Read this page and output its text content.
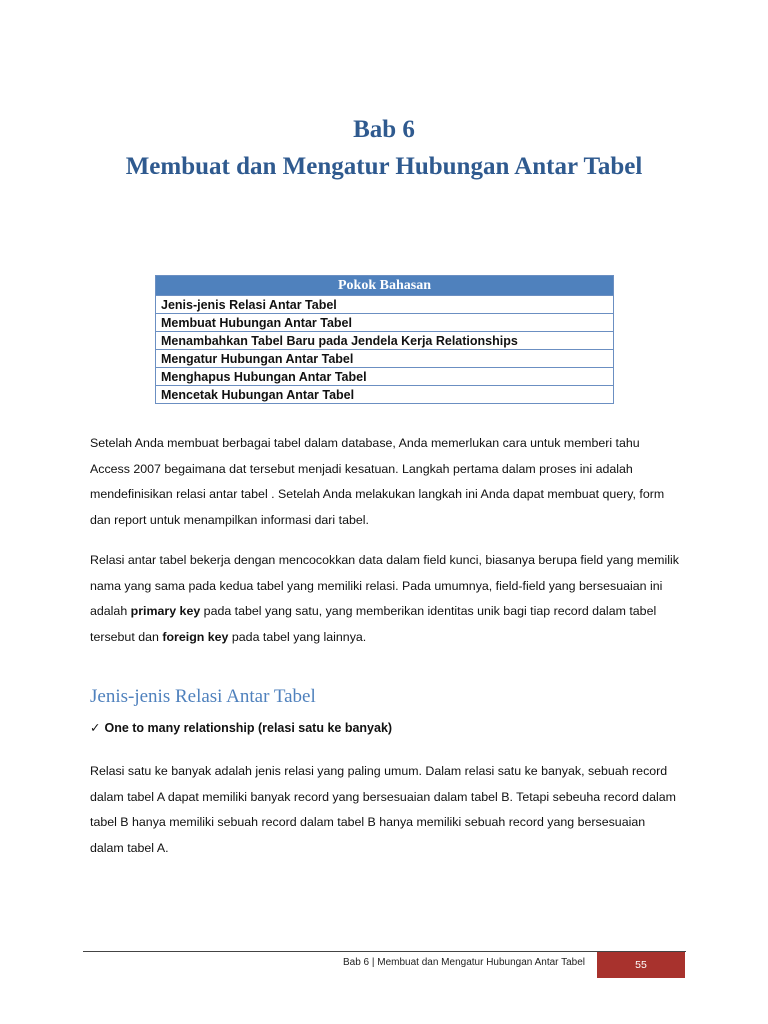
Bab 6

Membuat dan Mengatur Hubungan Antar Tabel

Pokok Bahasan
Jenis-jenis Relasi Antar Tabel
Membuat Hubungan Antar Tabel
Menambahkan Tabel Baru pada Jendela Kerja Relationships
Mengatur Hubungan Antar Tabel
Menghapus Hubungan Antar Tabel
Mencetak Hubungan Antar Tabel

Setelah Anda membuat berbagai tabel dalam database, Anda memerlukan cara untuk memberi tahu Access 2007 begaimana dat tersebut menjadi kesatuan. Langkah pertama dalam proses ini adalah mendefinisikan relasi antar tabel . Setelah Anda melakukan langkah ini Anda dapat membuat query, form dan report untuk menampilkan informasi dari tabel.

Relasi antar tabel bekerja dengan mencocokkan data dalam field kunci, biasanya berupa field yang memilik nama yang sama pada kedua tabel yang memiliki relasi. Pada umumnya, field-field yang bersesuaian ini adalah primary key pada tabel yang satu, yang memberikan identitas unik bagi tiap record dalam tabel tersebut dan foreign key pada tabel yang lainnya.

Jenis-jenis Relasi Antar Tabel
✓ One to many relationship (relasi satu ke banyak)

Relasi satu ke banyak adalah jenis relasi yang paling umum. Dalam relasi satu ke banyak, sebuah record dalam tabel A dapat memiliki banyak record yang bersesuaian dalam tabel B. Tetapi sebeuha record dalam tabel B hanya memiliki sebuah record dalam tabel B hanya memiliki sebuah record yang bersesuaian dalam tabel A.

Bab 6 | Membuat dan Mengatur Hubungan Antar Tabel	55
